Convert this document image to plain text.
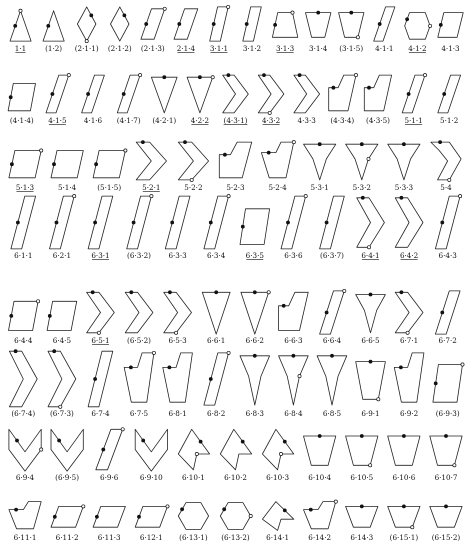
1·1	(1·2) (2·1·1) (2·1·2) (2·1·3) 2·1·4 3·1·1 3·1·2 3·1·3 3·1·4 (3·1·5) 4·1·1 4·1·2 4·1·3
(4·1·4) 4·1·5 4·1·6 (4·1·7) (4·2·1) 4·2·2 (4·3·1) 4·3·2 4·3·3 (4·3·4) (4·3·5) 5·1·1 5·1·2
5·1·3	5·1·4	(5·1·5)	5·2·1	5·2·2	5·2·3	5·2·4	5·3·1	5·3·2	5·3·3	5·4
6·1·1	6·2·1	6·3·1 (6·3·2) 6·3·3	6·3·4	6·3·5	6·3·6 (6·3·7) 6·4·1	6·4·2	6·4·3
6·4·4	6·4·5	6·5·1 (6·5·2) 6·5·3	6·6·1	6·6·2	6·6·3	6·6·4	6·6·5	6·7·1	6·7·2
(6·7·4) (6·7·3) 6·7·4	6·7·5	6·8·1	6·8·2	6·8·3	6·8·4	6·8·5	6·9·1	6·9·2 (6·9·3)
6·9·4	(6·9·5)	6·9·6	6·9·10	6·10·1	6·10·2	6·10·3	6·10·4	6·10·5	6·10·6	6·10·7
6·11·1	6·11·2	6·11·3	6·12·1 (6·13·1) (6·13·2) 6·14·1	6·14·2	6·14·3 (6·15·1) (6·15·2)
